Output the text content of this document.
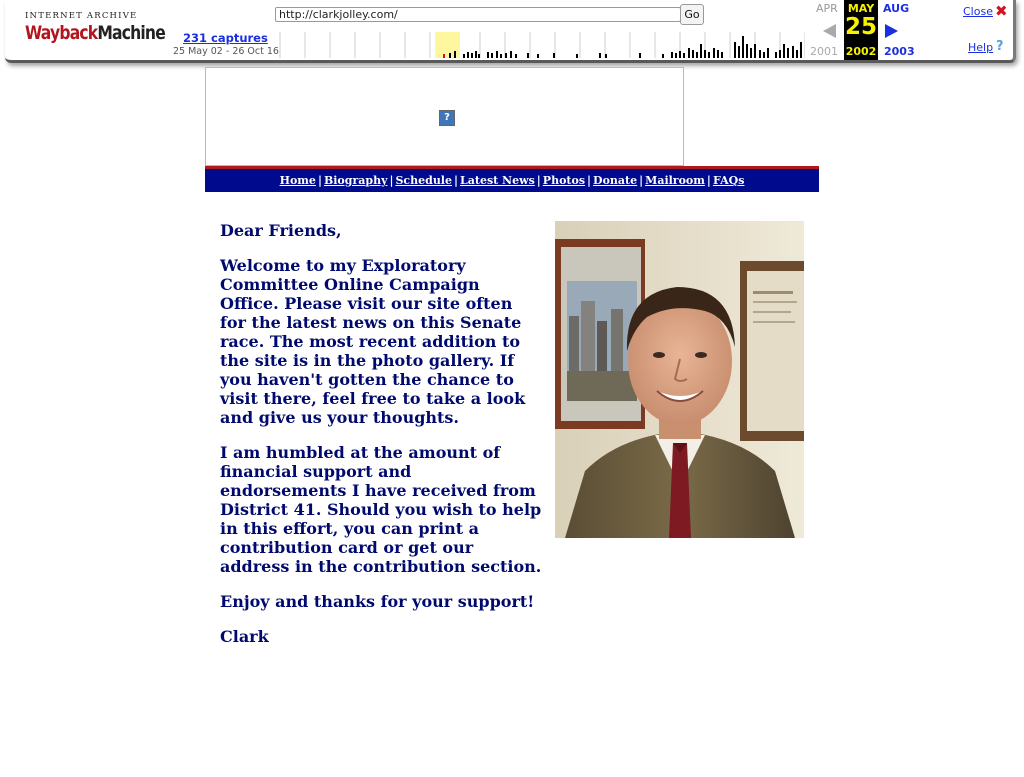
INTERNET ARCHIVE
WaybackMachine
http://clarkjolley.com/	Go
231 captures
25 May 02 - 26 Oct 16
APR MAY
25
2002
AUG
2001	2003
Close ✖
Help ?
?
Home | Biography | Schedule | Latest News | Photos | Donate | Mailroom | FAQs

Dear Friends,

Welcome to my Exploratory Committee Online Campaign Office. Please visit our site often for the latest news on this Senate race. The most recent addition to the site is in the photo gallery. If you haven't gotten the chance to visit there, feel free to take a look and give us your thoughts.

I am humbled at the amount of financial support and endorsements I have received from District 41. Should you wish to help in this effort, you can print a contribution card or get our address in the contribution section.

Enjoy and thanks for your support!

Clark
